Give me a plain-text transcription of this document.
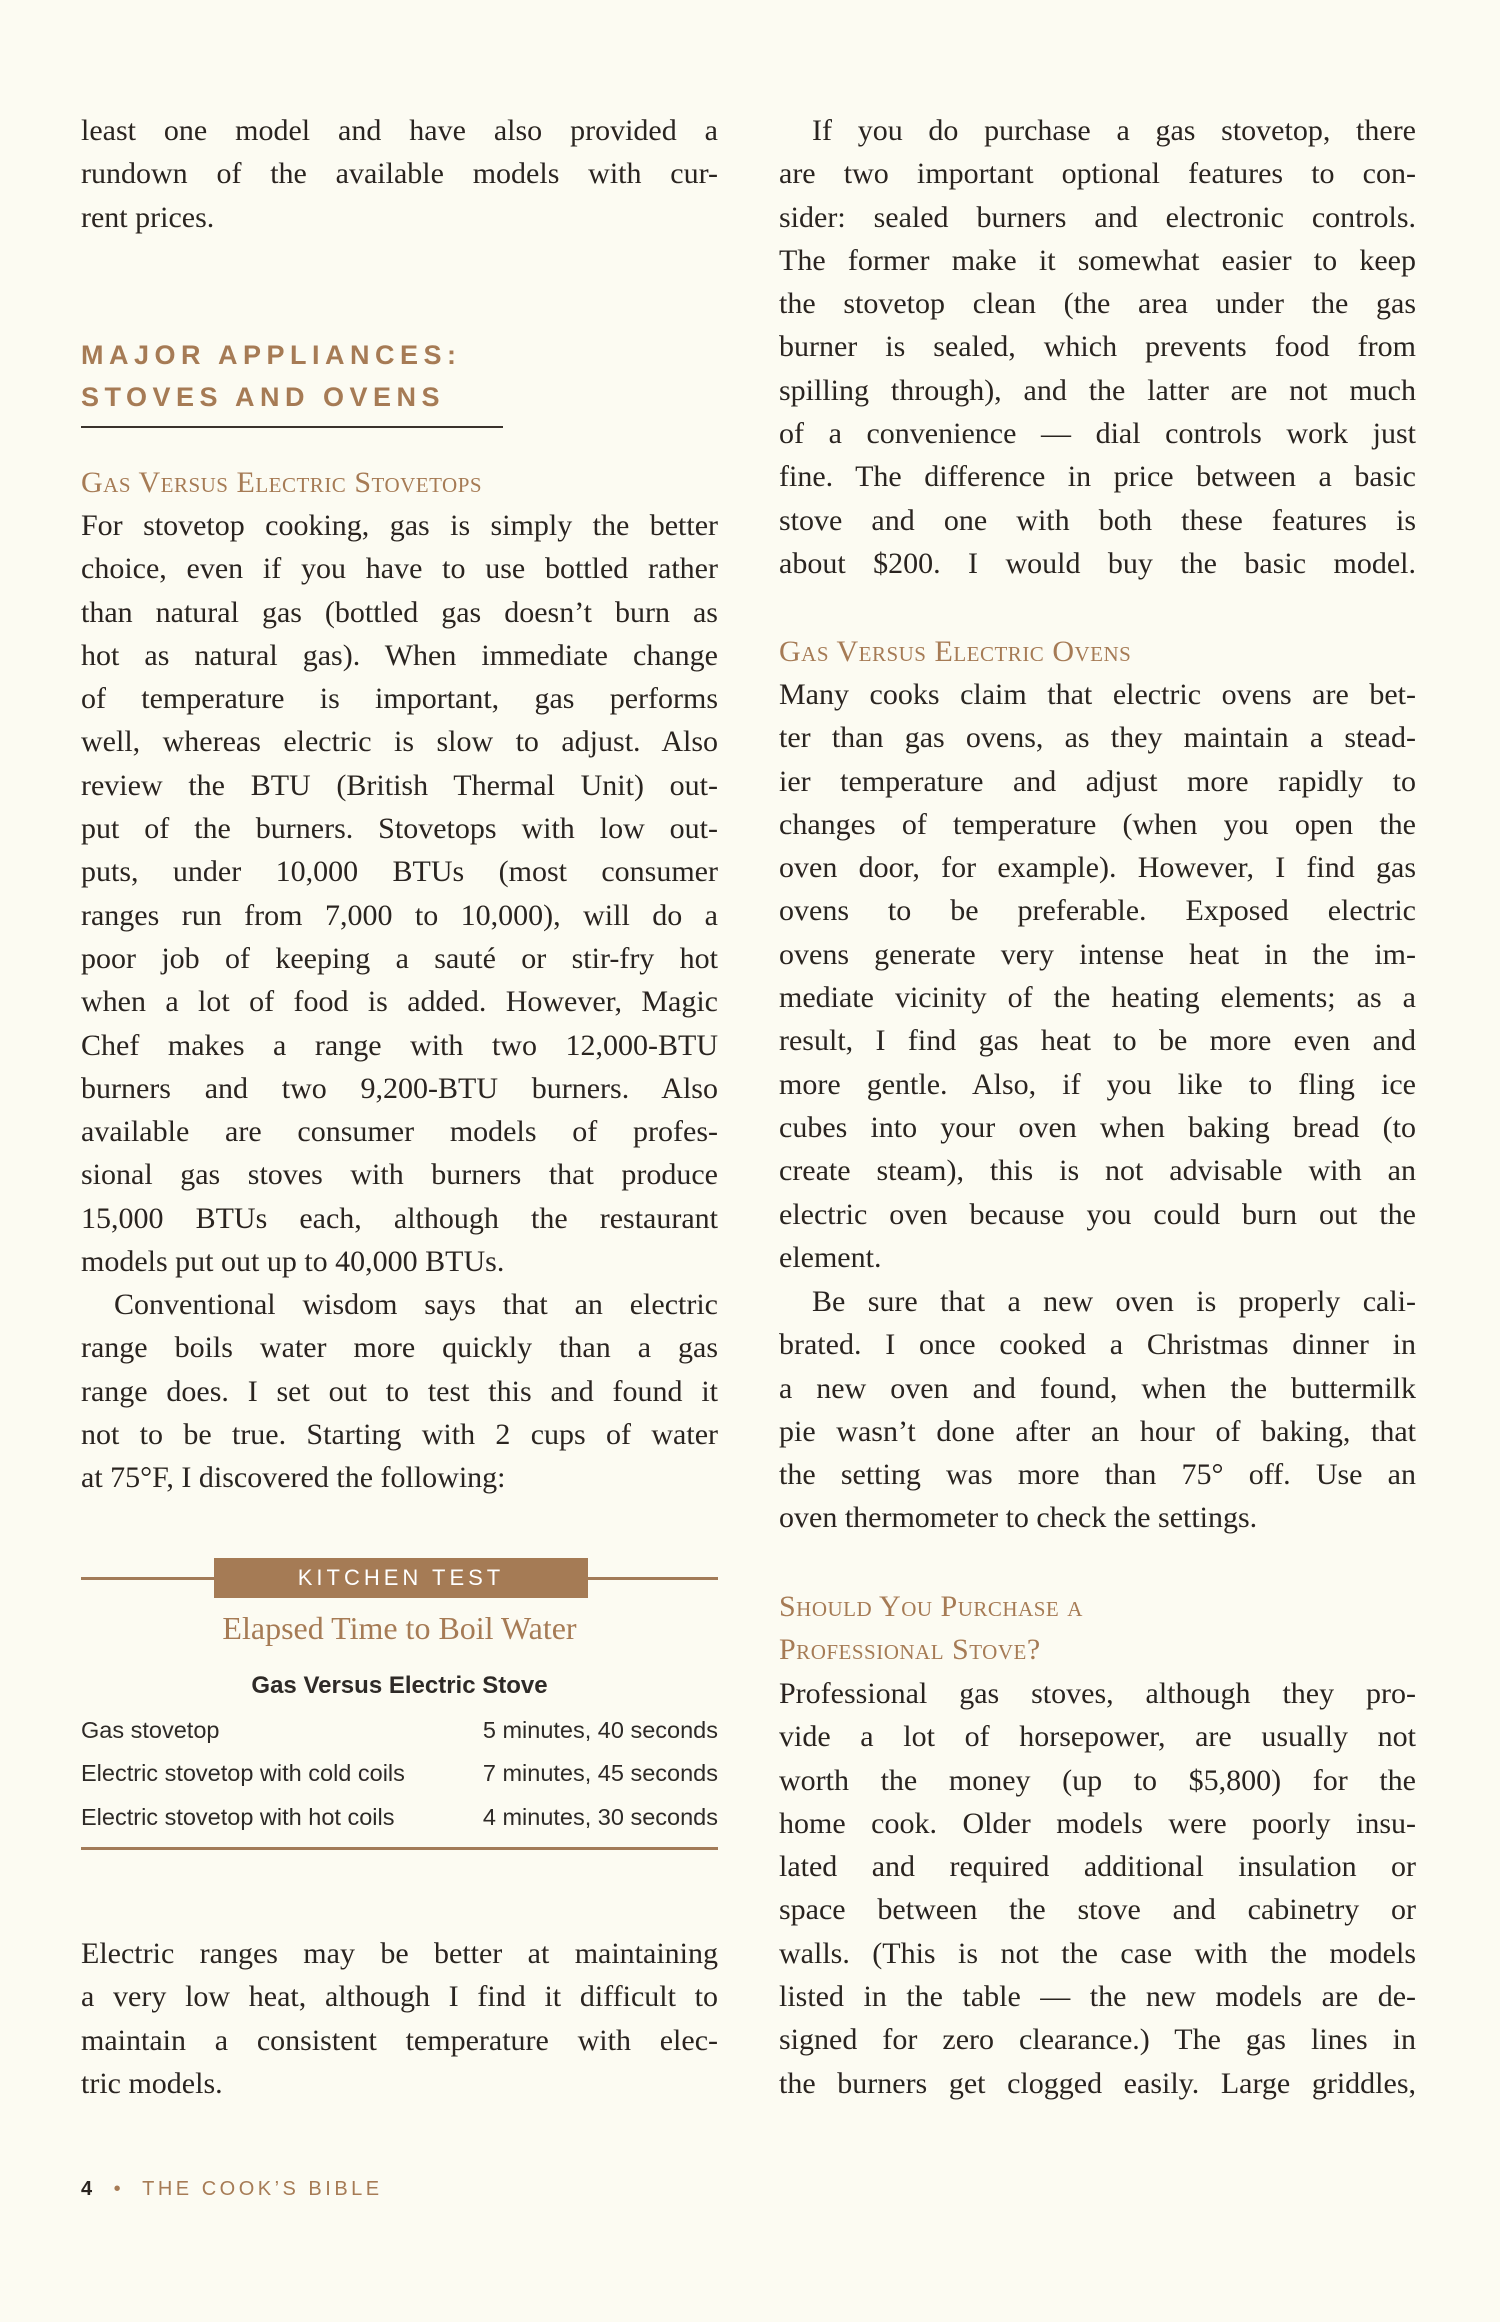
least one model and have also provided a
rundown of the available models with cur-
rent prices.
MAJOR APPLIANCES:
STOVES AND OVENS
Gas Versus Electric Stovetops
For stovetop cooking, gas is simply the better
choice, even if you have to use bottled rather
than natural gas (bottled gas doesn’t burn as
hot as natural gas). When immediate change
of temperature is important, gas performs
well, whereas electric is slow to adjust. Also
review the BTU (British Thermal Unit) out-
put of the burners. Stovetops with low out-
puts, under 10,000 BTUs (most consumer
ranges run from 7,000 to 10,000), will do a
poor job of keeping a sauté or stir-fry hot
when a lot of food is added. However, Magic
Chef makes a range with two 12,000-BTU
burners and two 9,200-BTU burners. Also
available are consumer models of profes-
sional gas stoves with burners that produce
15,000 BTUs each, although the restaurant
models put out up to 40,000 BTUs.
Conventional wisdom says that an electric
range boils water more quickly than a gas
range does. I set out to test this and found it
not to be true. Starting with 2 cups of water
at 75°F, I discovered the following:
Electric ranges may be better at maintaining
a very low heat, although I find it difficult to
maintain a consistent temperature with elec-
tric models.
KITCHEN TEST
Elapsed Time to Boil Water
Gas Versus Electric Stove
Gas stovetop	5 minutes, 40 seconds
Electric stovetop with cold coils	7 minutes, 45 seconds
Electric stovetop with hot coils	4 minutes, 30 seconds
If you do purchase a gas stovetop, there
are two important optional features to con-
sider: sealed burners and electronic controls.
The former make it somewhat easier to keep
the stovetop clean (the area under the gas
burner is sealed, which prevents food from
spilling through), and the latter are not much
of a convenience — dial controls work just
fine. The difference in price between a basic
stove and one with both these features is
about $200. I would buy the basic model.
Gas Versus Electric Ovens
Many cooks claim that electric ovens are bet-
ter than gas ovens, as they maintain a stead-
ier temperature and adjust more rapidly to
changes of temperature (when you open the
oven door, for example). However, I find gas
ovens to be preferable. Exposed electric
ovens generate very intense heat in the im-
mediate vicinity of the heating elements; as a
result, I find gas heat to be more even and
more gentle. Also, if you like to fling ice
cubes into your oven when baking bread (to
create steam), this is not advisable with an
electric oven because you could burn out the
element.
Be sure that a new oven is properly cali-
brated. I once cooked a Christmas dinner in
a new oven and found, when the buttermilk
pie wasn’t done after an hour of baking, that
the setting was more than 75° off. Use an
oven thermometer to check the settings.
Should You Purchase a
Professional Stove?
Professional gas stoves, although they pro-
vide a lot of horsepower, are usually not
worth the money (up to $5,800) for the
home cook. Older models were poorly insu-
lated and required additional insulation or
space between the stove and cabinetry or
walls. (This is not the case with the models
listed in the table — the new models are de-
signed for zero clearance.) The gas lines in
the burners get clogged easily. Large griddles,
4 • THE COOK’S BIBLE
